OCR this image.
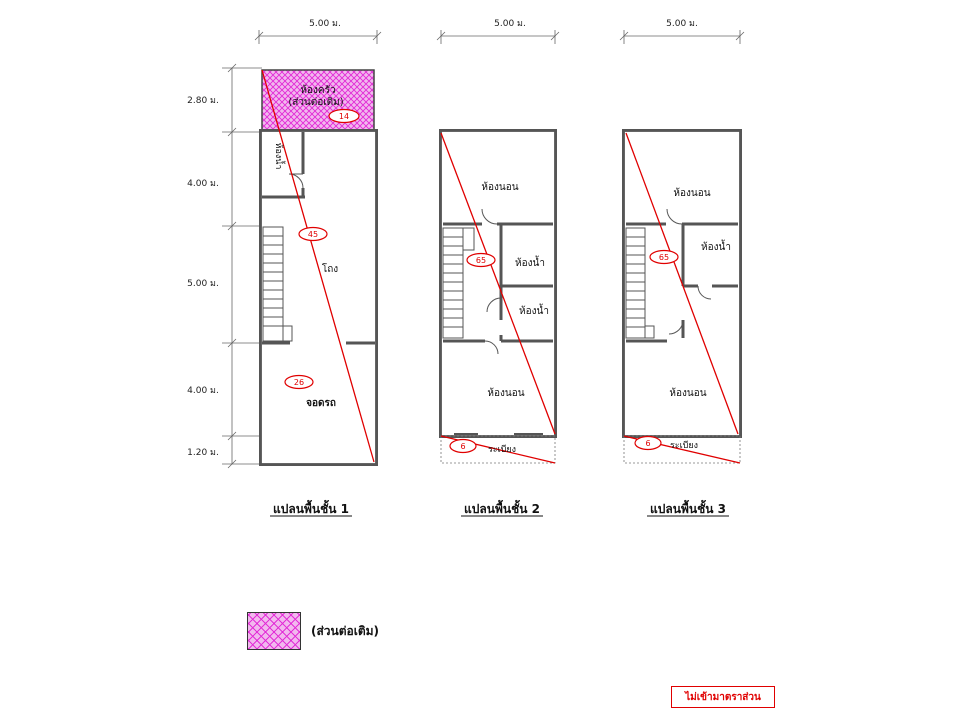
5.00 ม.	5.00 ม.	5.00 ม.
2.80 ม.
4.00 ม.
5.00 ม.
4.00 ม.
1.20 ม.
ห้องครัว
(ส่วนต่อเติม)
ห้องน้ำ
โถง
จอดรถ
14
45
26
ห้องนอน
ห้องน้ำ
ห้องน้ำ
ห้องนอน
ระเบียง
65
6
ห้องนอน
ห้องน้ำ
ห้องนอน
ระเบียง
65
6
แปลนพื้นชั้น 1	แปลนพื้นชั้น 2	แปลนพื้นชั้น 3
(ส่วนต่อเติม)
ไม่เข้ามาตราส่วน
